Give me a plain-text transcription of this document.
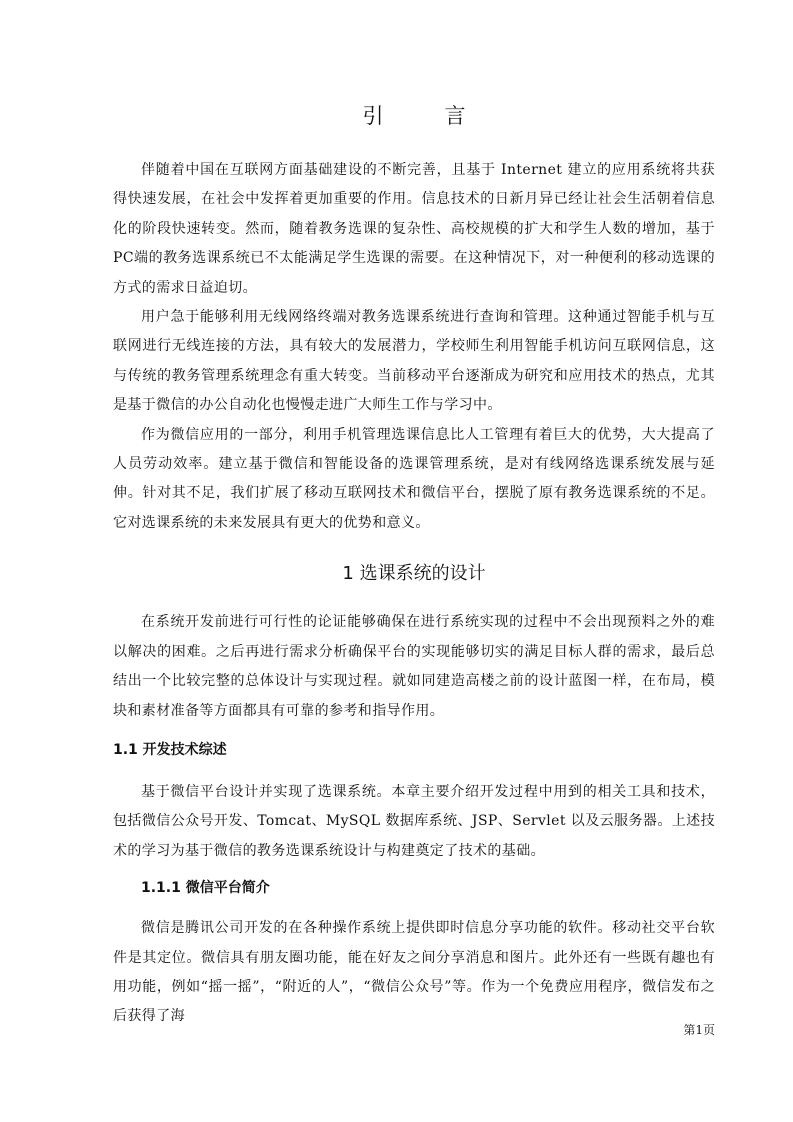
引　言

伴随着中国在互联网方面基础建设的不断完善，且基于 Internet 建立的应用系统将共获得快速发展，在社会中发挥着更加重要的作用。信息技术的日新月异已经让社会生活朝着信息化的阶段快速转变。然而，随着教务选课的复杂性、高校规模的扩大和学生人数的增加，基于PC端的教务选课系统已不太能满足学生选课的需要。在这种情况下，对一种便利的移动选课的方式的需求日益迫切。

用户急于能够利用无线网络终端对教务选课系统进行查询和管理。这种通过智能手机与互联网进行无线连接的方法，具有较大的发展潜力，学校师生利用智能手机访问互联网信息，这与传统的教务管理系统理念有重大转变。当前移动平台逐渐成为研究和应用技术的热点，尤其是基于微信的办公自动化也慢慢走进广大师生工作与学习中。

作为微信应用的一部分，利用手机管理选课信息比人工管理有着巨大的优势，大大提高了人员劳动效率。建立基于微信和智能设备的选课管理系统，是对有线网络选课系统发展与延伸。针对其不足，我们扩展了移动互联网技术和微信平台，摆脱了原有教务选课系统的不足。它对选课系统的未来发展具有更大的优势和意义。

1 选课系统的设计

在系统开发前进行可行性的论证能够确保在进行系统实现的过程中不会出现预料之外的难以解决的困难。之后再进行需求分析确保平台的实现能够切实的满足目标人群的需求，最后总结出一个比较完整的总体设计与实现过程。就如同建造高楼之前的设计蓝图一样，在布局，模块和素材准备等方面都具有可靠的参考和指导作用。

1.1 开发技术综述

基于微信平台设计并实现了选课系统。本章主要介绍开发过程中用到的相关工具和技术，包括微信公众号开发、Tomcat、MySQL 数据库系统、JSP、Servlet 以及云服务器。上述技术的学习为基于微信的教务选课系统设计与构建奠定了技术的基础。

1.1.1 微信平台简介

微信是腾讯公司开发的在各种操作系统上提供即时信息分享功能的软件。移动社交平台软件是其定位。微信具有朋友圈功能，能在好友之间分享消息和图片。此外还有一些既有趣也有用功能，例如“摇一摇”，“附近的人”，“微信公众号”等。作为一个免费应用程序，微信发布之后获得了海

第1页
